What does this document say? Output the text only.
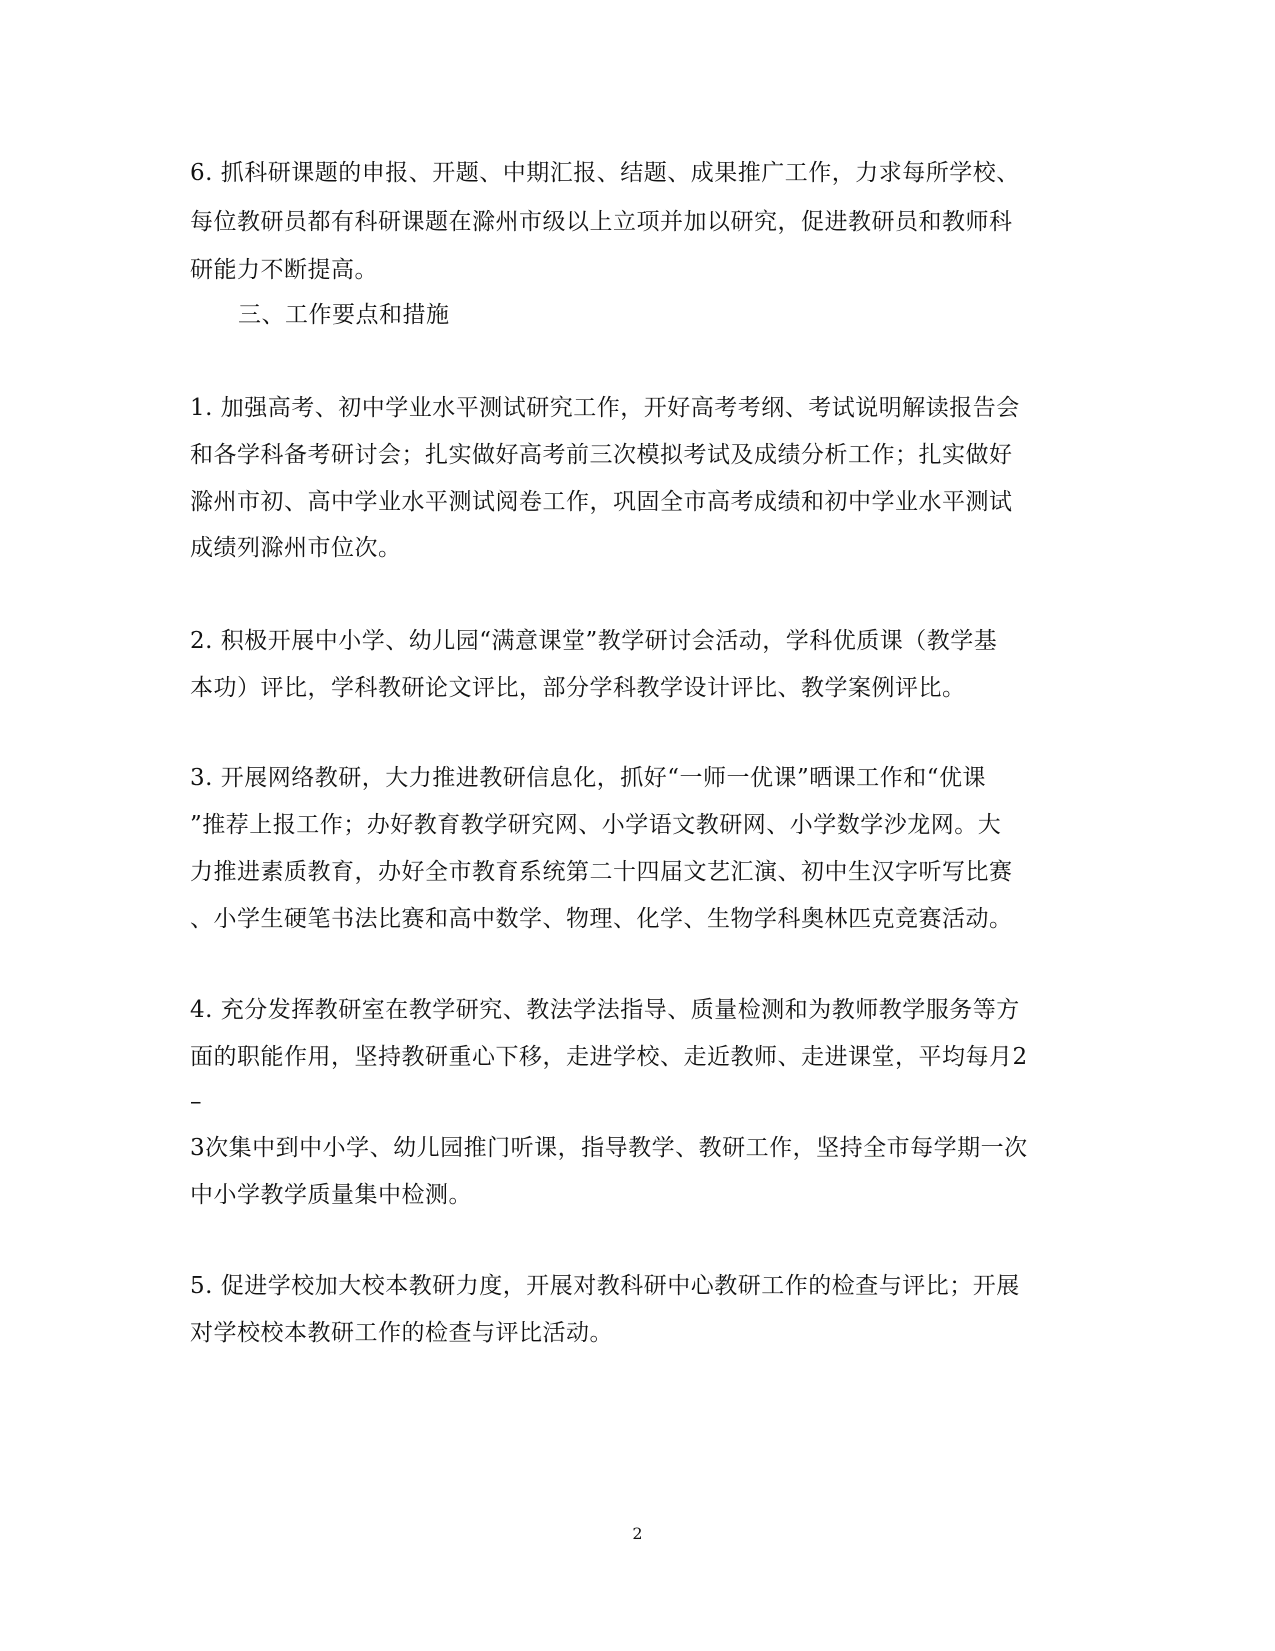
6. 抓科研课题的申报、开题、中期汇报、结题、成果推广工作，力求每所学校、
每位教研员都有科研课题在滁州市级以上立项并加以研究，促进教研员和教师科
研能力不断提高。
三、工作要点和措施
1. 加强高考、初中学业水平测试研究工作，开好高考考纲、考试说明解读报告会
和各学科备考研讨会；扎实做好高考前三次模拟考试及成绩分析工作；扎实做好
滁州市初、高中学业水平测试阅卷工作，巩固全市高考成绩和初中学业水平测试
成绩列滁州市位次。
2. 积极开展中小学、幼儿园“满意课堂”教学研讨会活动，学科优质课（教学基
本功）评比，学科教研论文评比，部分学科教学设计评比、教学案例评比。
3. 开展网络教研，大力推进教研信息化，抓好“一师一优课”晒课工作和“优课
”推荐上报工作；办好教育教学研究网、小学语文教研网、小学数学沙龙网。大
力推进素质教育，办好全市教育系统第二十四届文艺汇演、初中生汉字听写比赛
、小学生硬笔书法比赛和高中数学、物理、化学、生物学科奥林匹克竞赛活动。
4. 充分发挥教研室在教学研究、教法学法指导、质量检测和为教师教学服务等方
面的职能作用，坚持教研重心下移，走进学校、走近教师、走进课堂，平均每月2
–
3次集中到中小学、幼儿园推门听课，指导教学、教研工作，坚持全市每学期一次
中小学教学质量集中检测。
5. 促进学校加大校本教研力度，开展对教科研中心教研工作的检查与评比；开展
对学校校本教研工作的检查与评比活动。
2
